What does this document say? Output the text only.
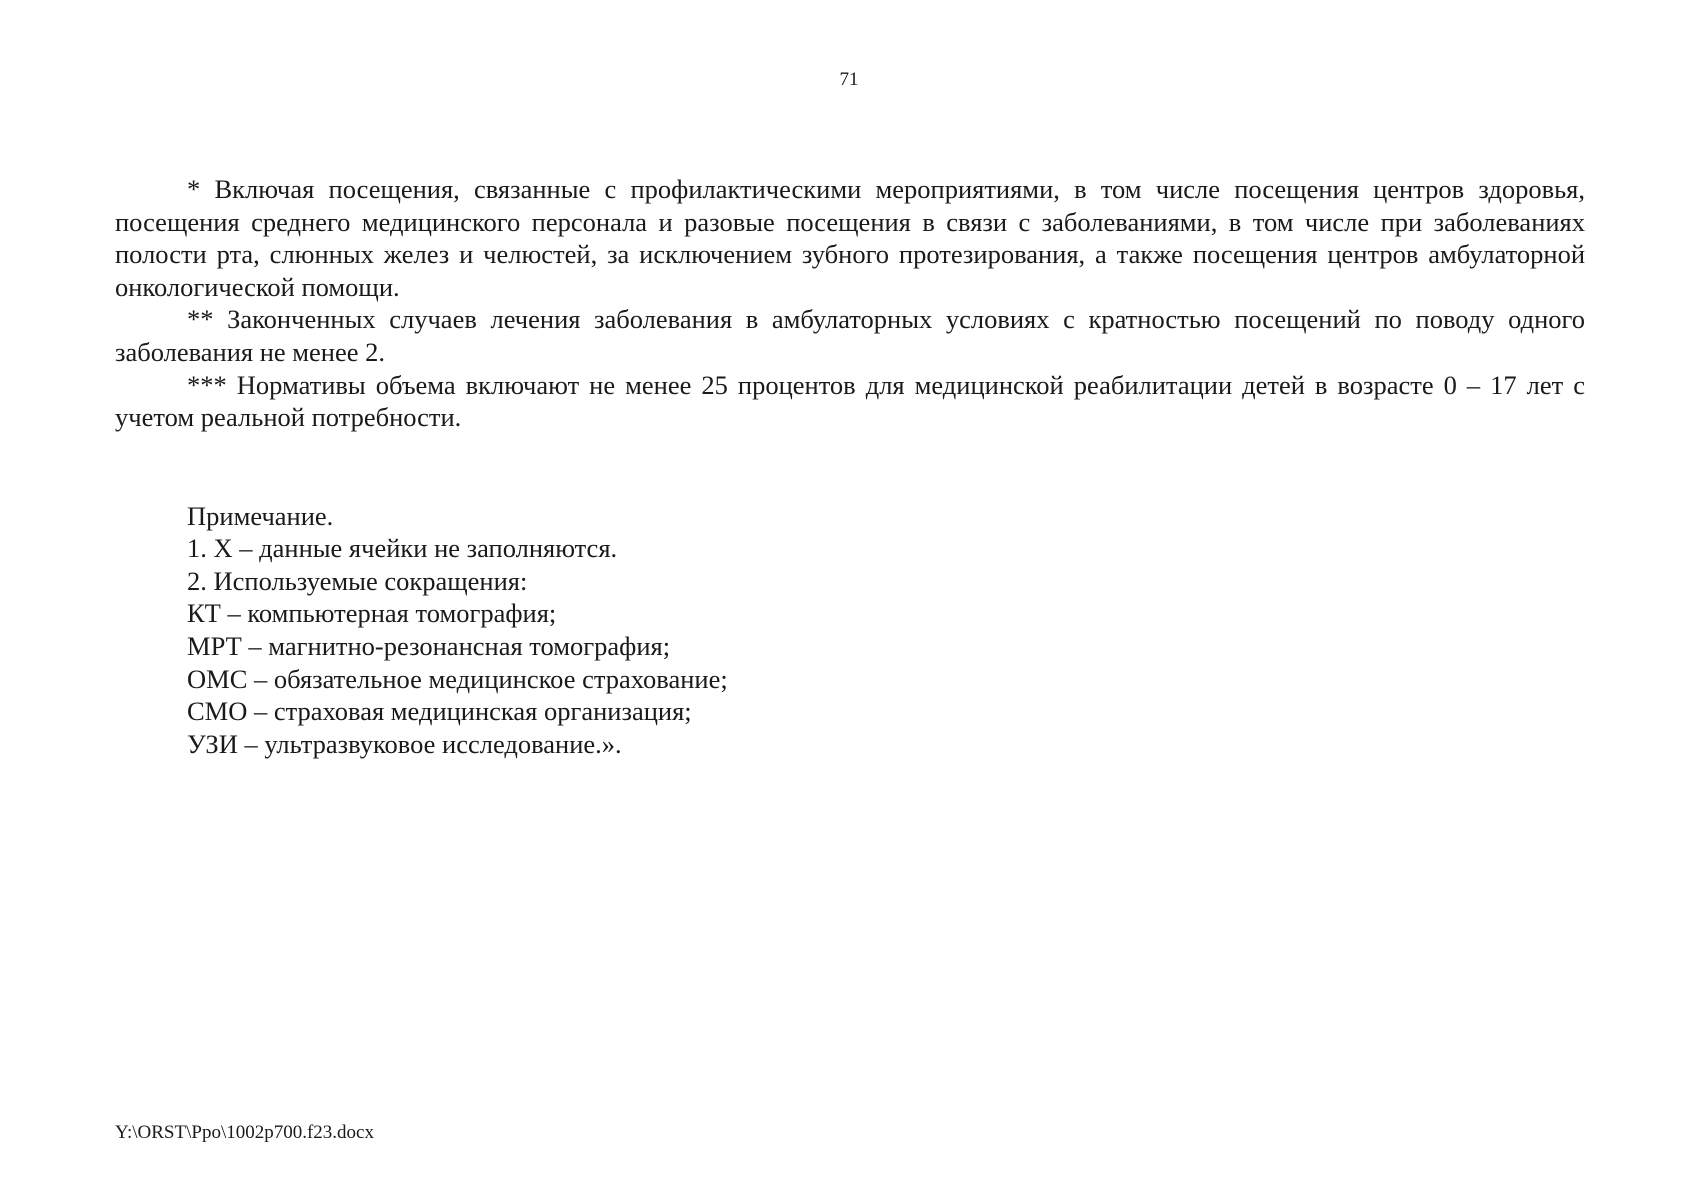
71

* Включая посещения, связанные с профилактическими мероприятиями, в том числе посещения центров здоровья, посещения среднего медицинского персонала и разовые посещения в связи с заболеваниями, в том числе при заболеваниях полости рта, слюнных желез и челюстей, за исключением зубного протезирования, а также посещения центров амбулаторной онкологической помощи.

** Законченных случаев лечения заболевания в амбулаторных условиях с кратностью посещений по поводу одного заболевания не менее 2.

*** Нормативы объема включают не менее 25 процентов для медицинской реабилитации детей в возрасте 0 – 17 лет с учетом реальной потребности.

Примечание.
1. Х – данные ячейки не заполняются.
2. Используемые сокращения:
КТ – компьютерная томография;
МРТ – магнитно-резонансная томография;
ОМС – обязательное медицинское страхование;
СМО – страховая медицинская организация;
УЗИ – ультразвуковое исследование.».
Y:\ORST\Ppo\1002p700.f23.docx
